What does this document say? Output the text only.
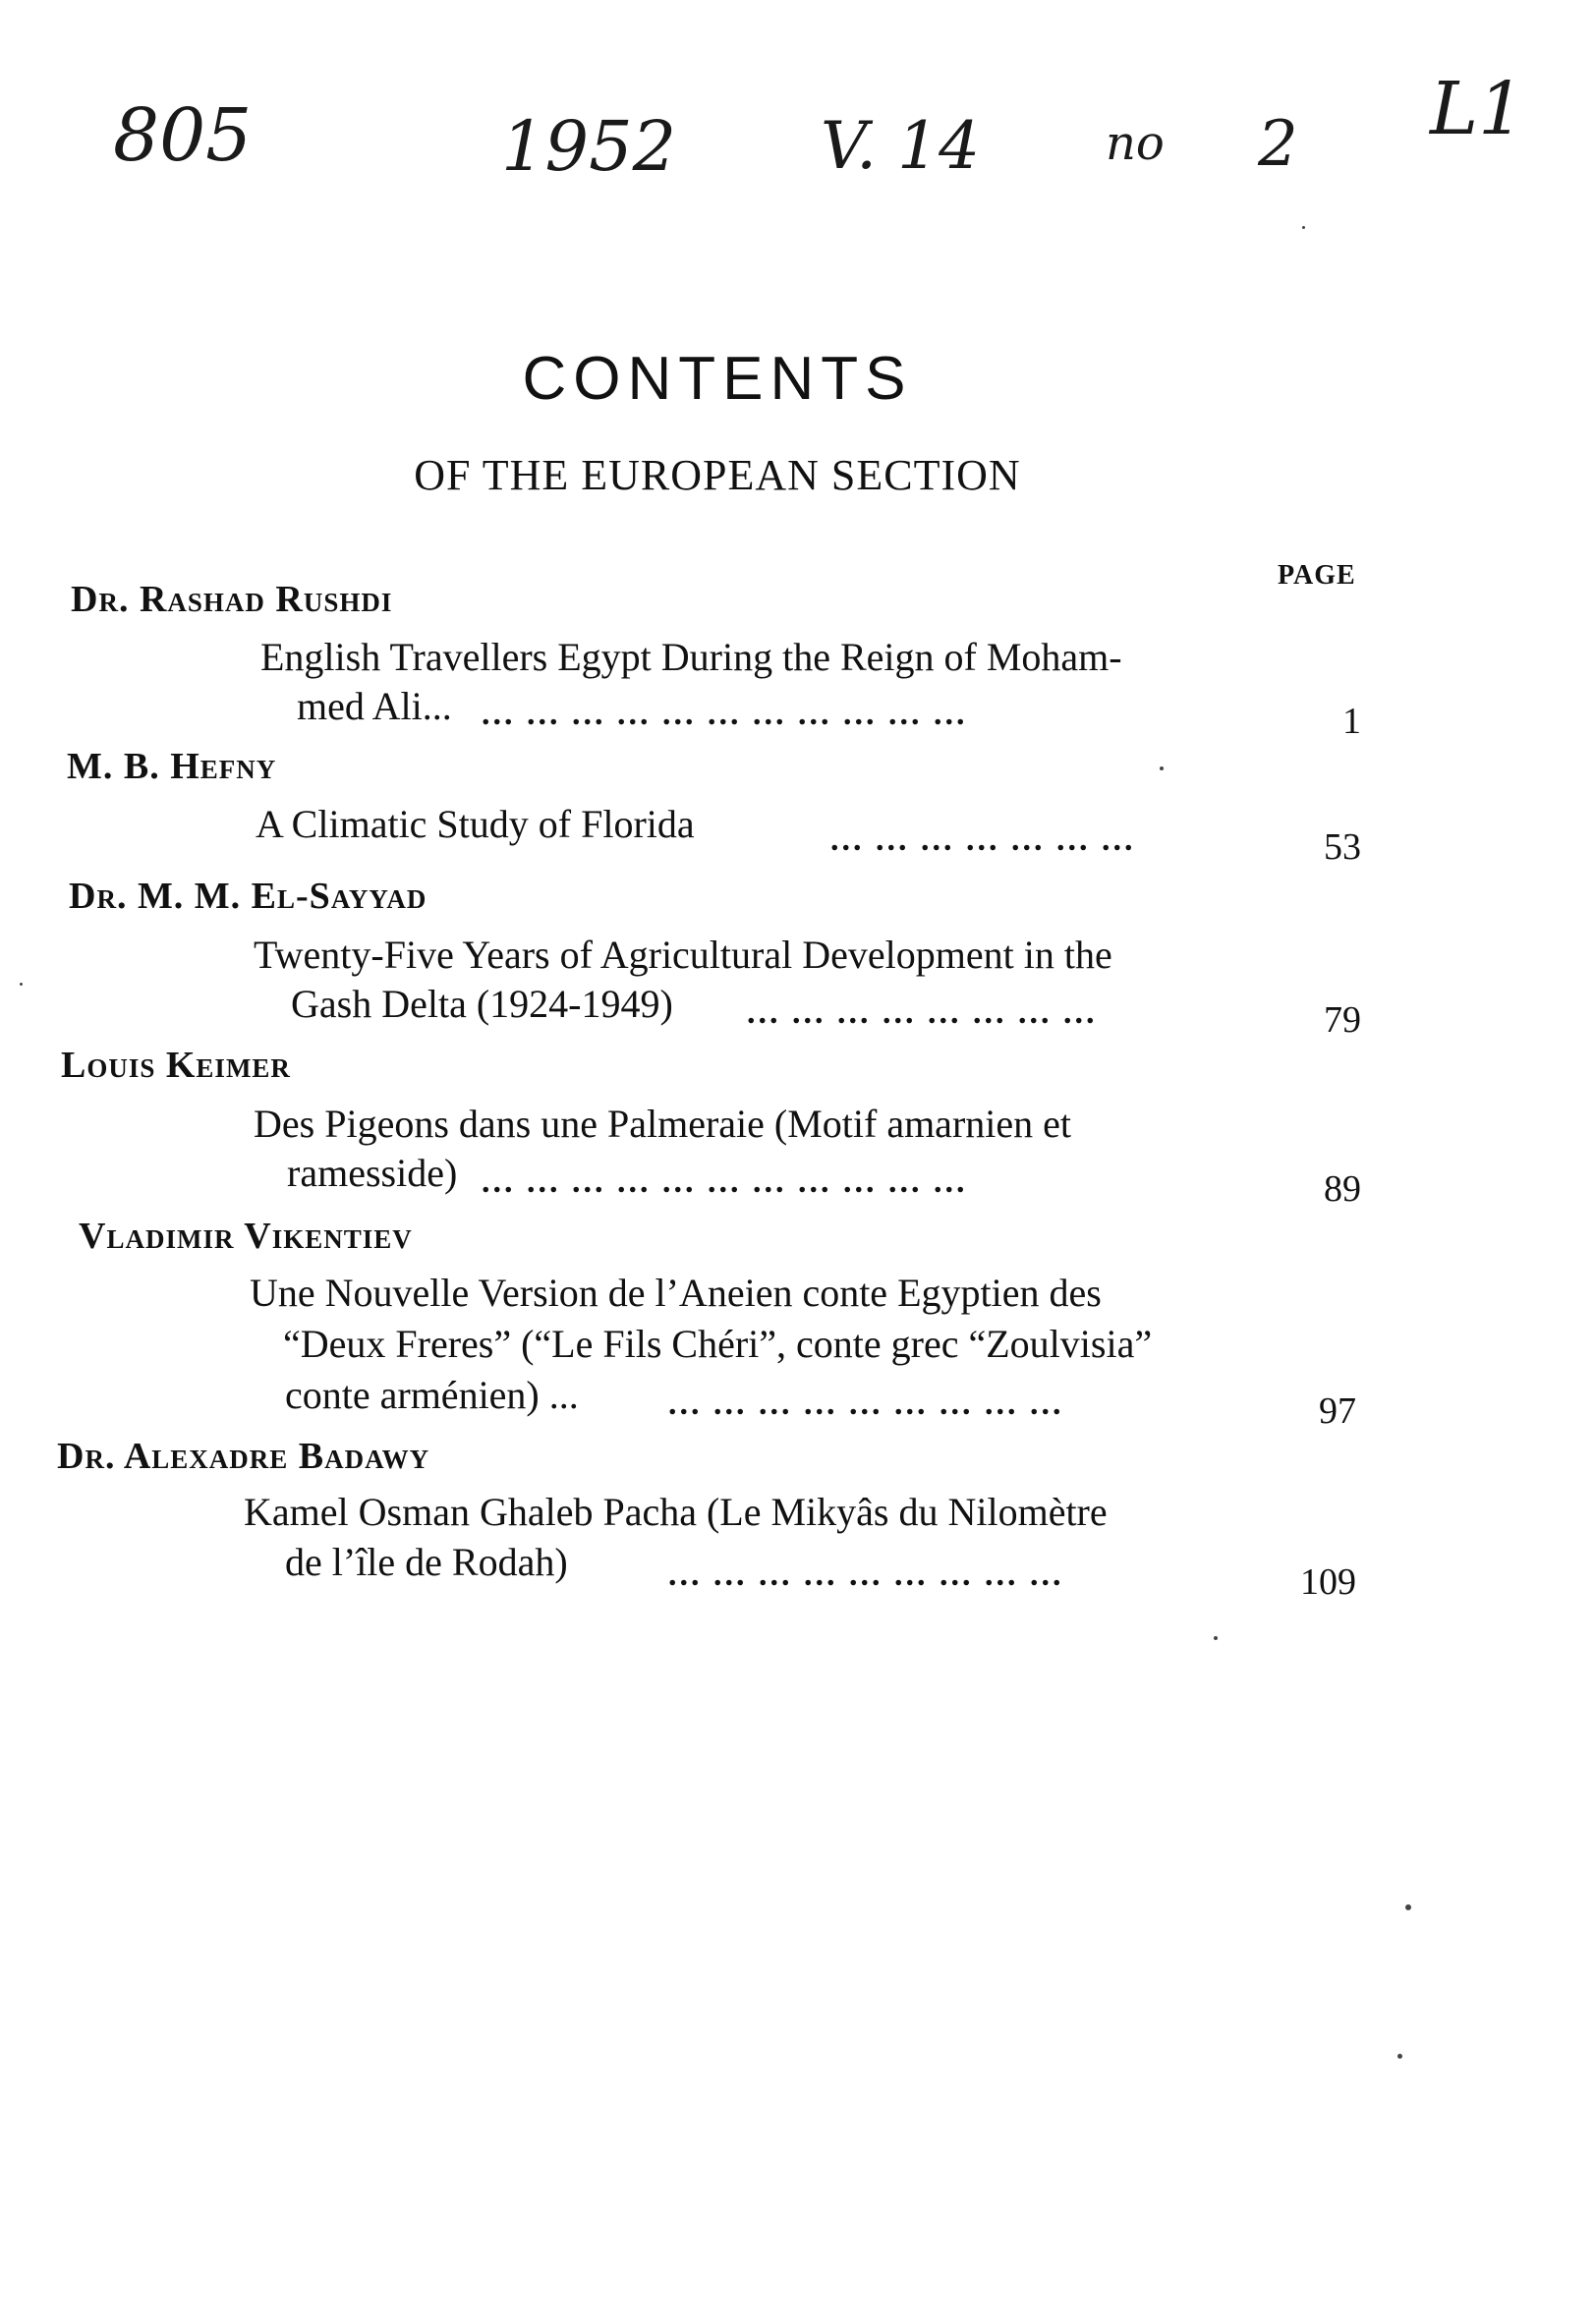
805	1952 V. 14	no 2 L1
CONTENTS
OF THE EUROPEAN SECTION
PAGE
Dr. Rashad Rushdi
English Travellers Egypt During the Reign of Moham-
med Ali... ... ... ... ... ... ... ... ... ... ... ...	1
M. B. Hefny
A Climatic Study of Florida	... ... ... ... ... ... ...	53
Dr. M. M. El-Sayyad
Twenty-Five Years of Agricultural Development in the
Gash Delta (1924-1949) ... ... ... ... ... ... ... ...	79
Louis Keimer
Des Pigeons dans une Palmeraie (Motif amarnien et
ramesside) ... ... ... ... ... ... ... ... ... ... ...	89
Vladimir Vikentiev
Une Nouvelle Version de l’Aneien conte Egyptien des
“Deux Freres” (“Le Fils Chéri”, conte grec “Zoulvisia”
conte arménien) ...	... ... ... ... ... ... ... ... ...	97
Dr. Alexadre Badawy
Kamel Osman Ghaleb Pacha (Le Mikyâs du Nilomètre
de l’île de Rodah)	... ... ... ... ... ... ... ... ...	109
